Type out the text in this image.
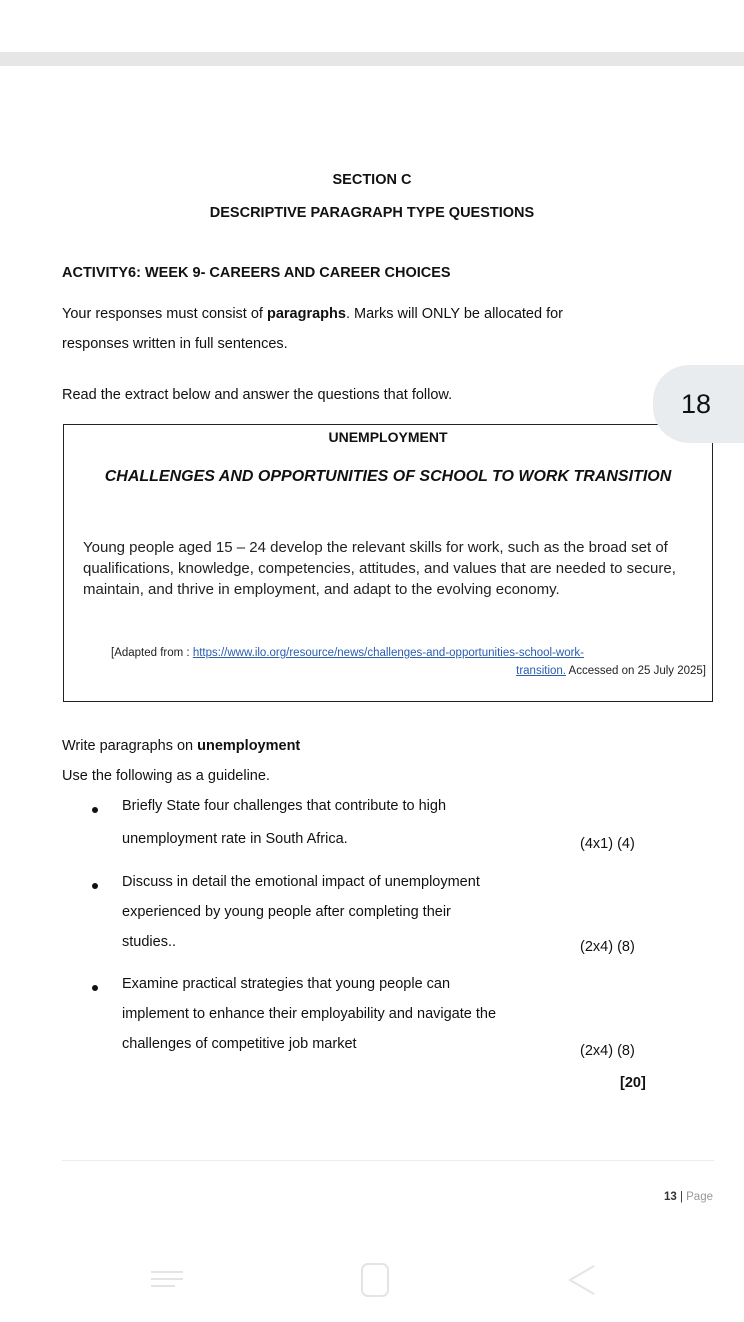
SECTION C
DESCRIPTIVE PARAGRAPH TYPE QUESTIONS
ACTIVITY6: WEEK 9- CAREERS AND CAREER CHOICES
Your responses must consist of paragraphs. Marks will ONLY be allocated for
responses written in full sentences.
Read the extract below and answer the questions that follow.
UNEMPLOYMENT
CHALLENGES AND OPPORTUNITIES OF SCHOOL TO WORK TRANSITION
Young people aged 15 – 24 develop the relevant skills for work, such as the broad set of qualifications, knowledge, competencies, attitudes, and values that are needed to secure, maintain, and thrive in employment, and adapt to the evolving economy.
[Adapted from : https://www.ilo.org/resource/news/challenges-and-opportunities-school-work-
transition. Accessed on 25 July 2025]
18
Write paragraphs on unemployment
Use the following as a guideline.
Briefly State four challenges that contribute to high
unemployment rate in South Africa.	(4x1) (4)
Discuss in detail the emotional impact of unemployment
experienced by young people after completing their
studies..	(2x4) (8)
Examine practical strategies that young people can
implement to enhance their employability and navigate the
challenges of competitive job market	(2x4) (8)
[20]
13 | Page
